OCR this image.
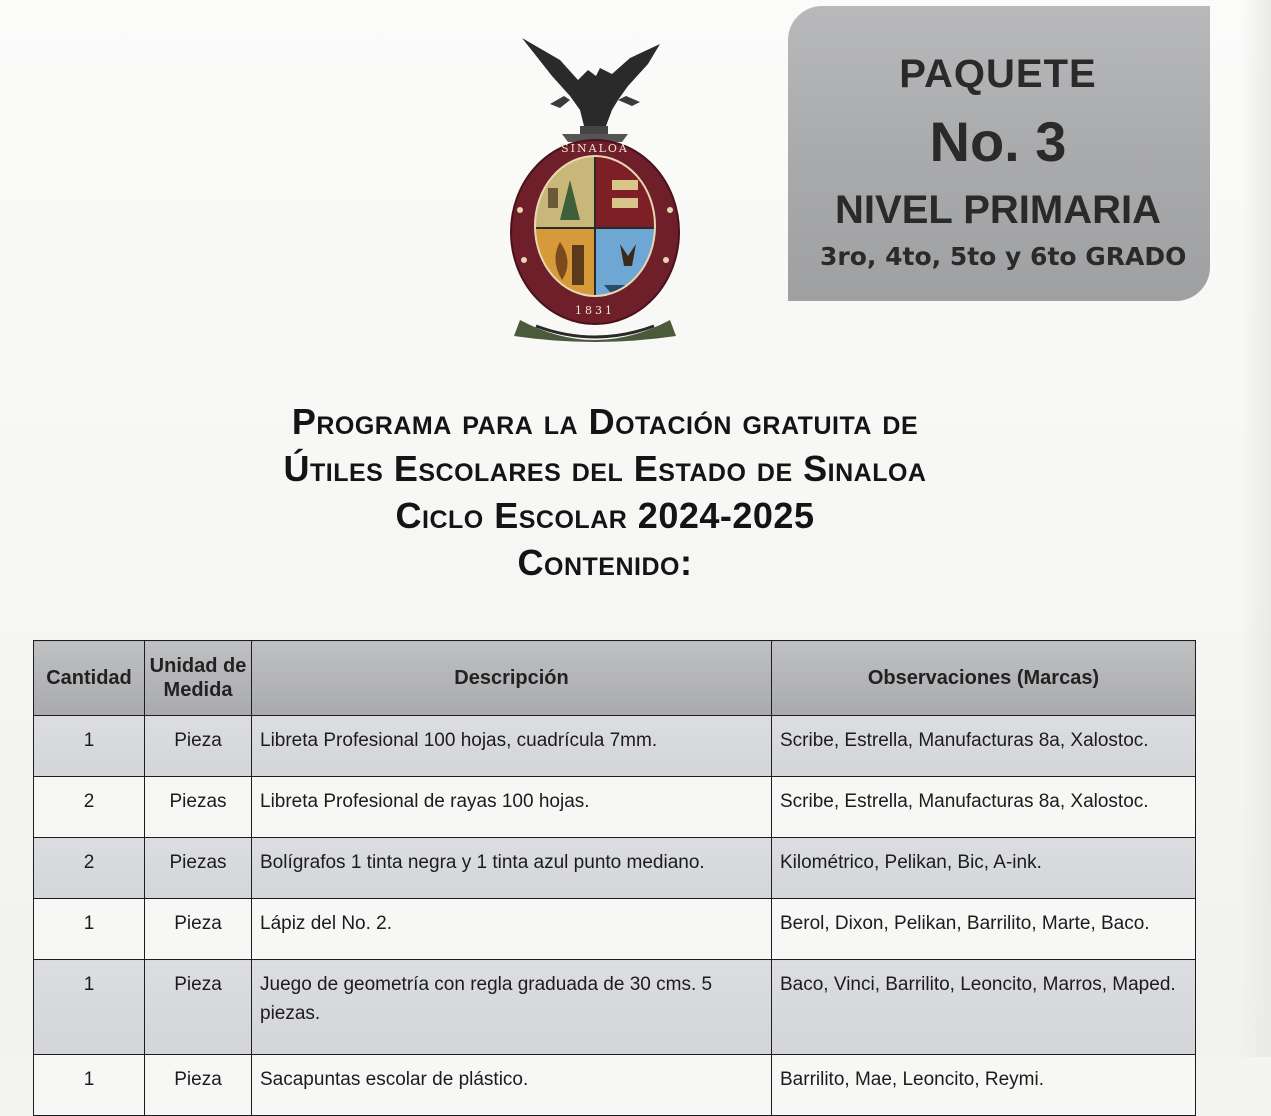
SINALOA
1831
PAQUETE
No. 3
NIVEL PRIMARIA
3ro, 4to, 5to y 6to GRADO
Programa para la Dotación gratuita de
Útiles Escolares del Estado de Sinaloa
Ciclo Escolar 2024-2025
Contenido:
Cantidad	Unidad de Medida	Descripción	Observaciones (Marcas)
1	Pieza	Libreta Profesional 100 hojas, cuadrícula 7mm.	Scribe, Estrella, Manufacturas 8a, Xalostoc.
2	Piezas	Libreta Profesional de rayas 100 hojas.	Scribe, Estrella, Manufacturas 8a, Xalostoc.
2	Piezas	Bolígrafos 1 tinta negra y 1 tinta azul punto mediano.	Kilométrico, Pelikan, Bic, A-ink.
1	Pieza	Lápiz del No. 2.	Berol, Dixon, Pelikan, Barrilito, Marte, Baco.
1	Pieza	Juego de geometría con regla graduada de 30 cms. 5 piezas.	Baco, Vinci, Barrilito, Leoncito, Marros, Maped.
1	Pieza	Sacapuntas escolar de plástico.	Barrilito, Mae, Leoncito, Reymi.
